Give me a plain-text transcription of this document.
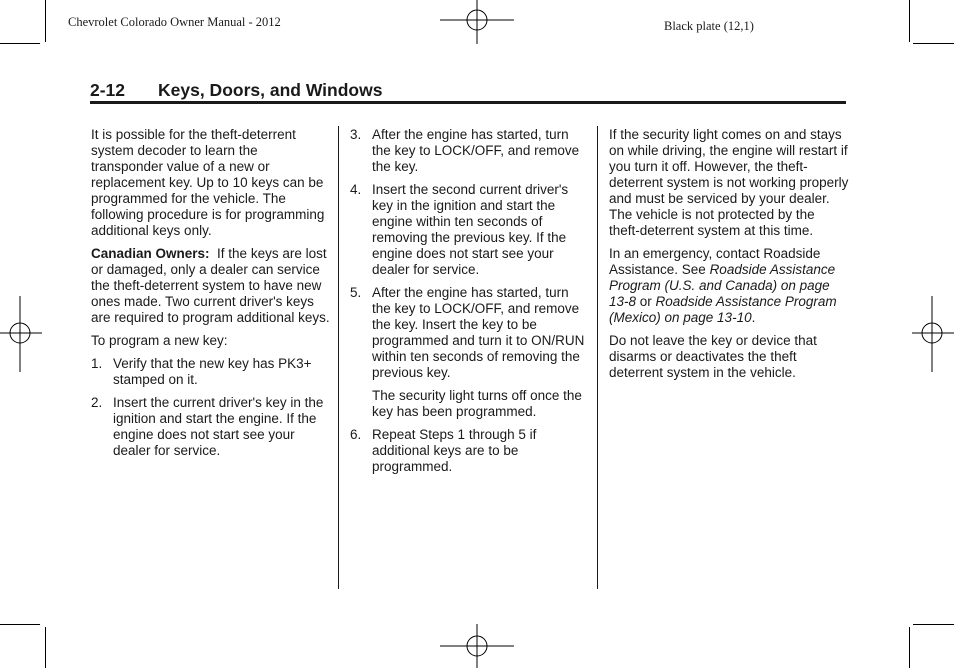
Chevrolet Colorado Owner Manual - 2012	Black plate (12,1)
2-12 Keys, Doors, and Windows

It is possible for the theft-deterrent system decoder to learn the transponder value of a new or replacement key. Up to 10 keys can be programmed for the vehicle. The following procedure is for programming additional keys only.

Canadian Owners: If the keys are lost or damaged, only a dealer can service the theft-deterrent system to have new ones made. Two current driver's keys are required to program additional keys.

To program a new key:

1. Verify that the new key has PK3+ stamped on it.
2. Insert the current driver's key in the ignition and start the engine. If the engine does not start see your dealer for service.
3. After the engine has started, turn the key to LOCK/OFF, and remove the key.
4. Insert the second current driver's key in the ignition and start the engine within ten seconds of removing the previous key. If the engine does not start see your dealer for service.
5. After the engine has started, turn the key to LOCK/OFF, and remove the key. Insert the key to be programmed and turn it to ON/RUN within ten seconds of removing the previous key.
The security light turns off once the key has been programmed.
6. Repeat Steps 1 through 5 if additional keys are to be programmed.

If the security light comes on and stays on while driving, the engine will restart if you turn it off. However, the theft-deterrent system is not working properly and must be serviced by your dealer. The vehicle is not protected by the theft-deterrent system at this time.

In an emergency, contact Roadside Assistance. See Roadside Assistance Program (U.S. and Canada) on page 13-8 or Roadside Assistance Program (Mexico) on page 13-10.

Do not leave the key or device that disarms or deactivates the theft deterrent system in the vehicle.
